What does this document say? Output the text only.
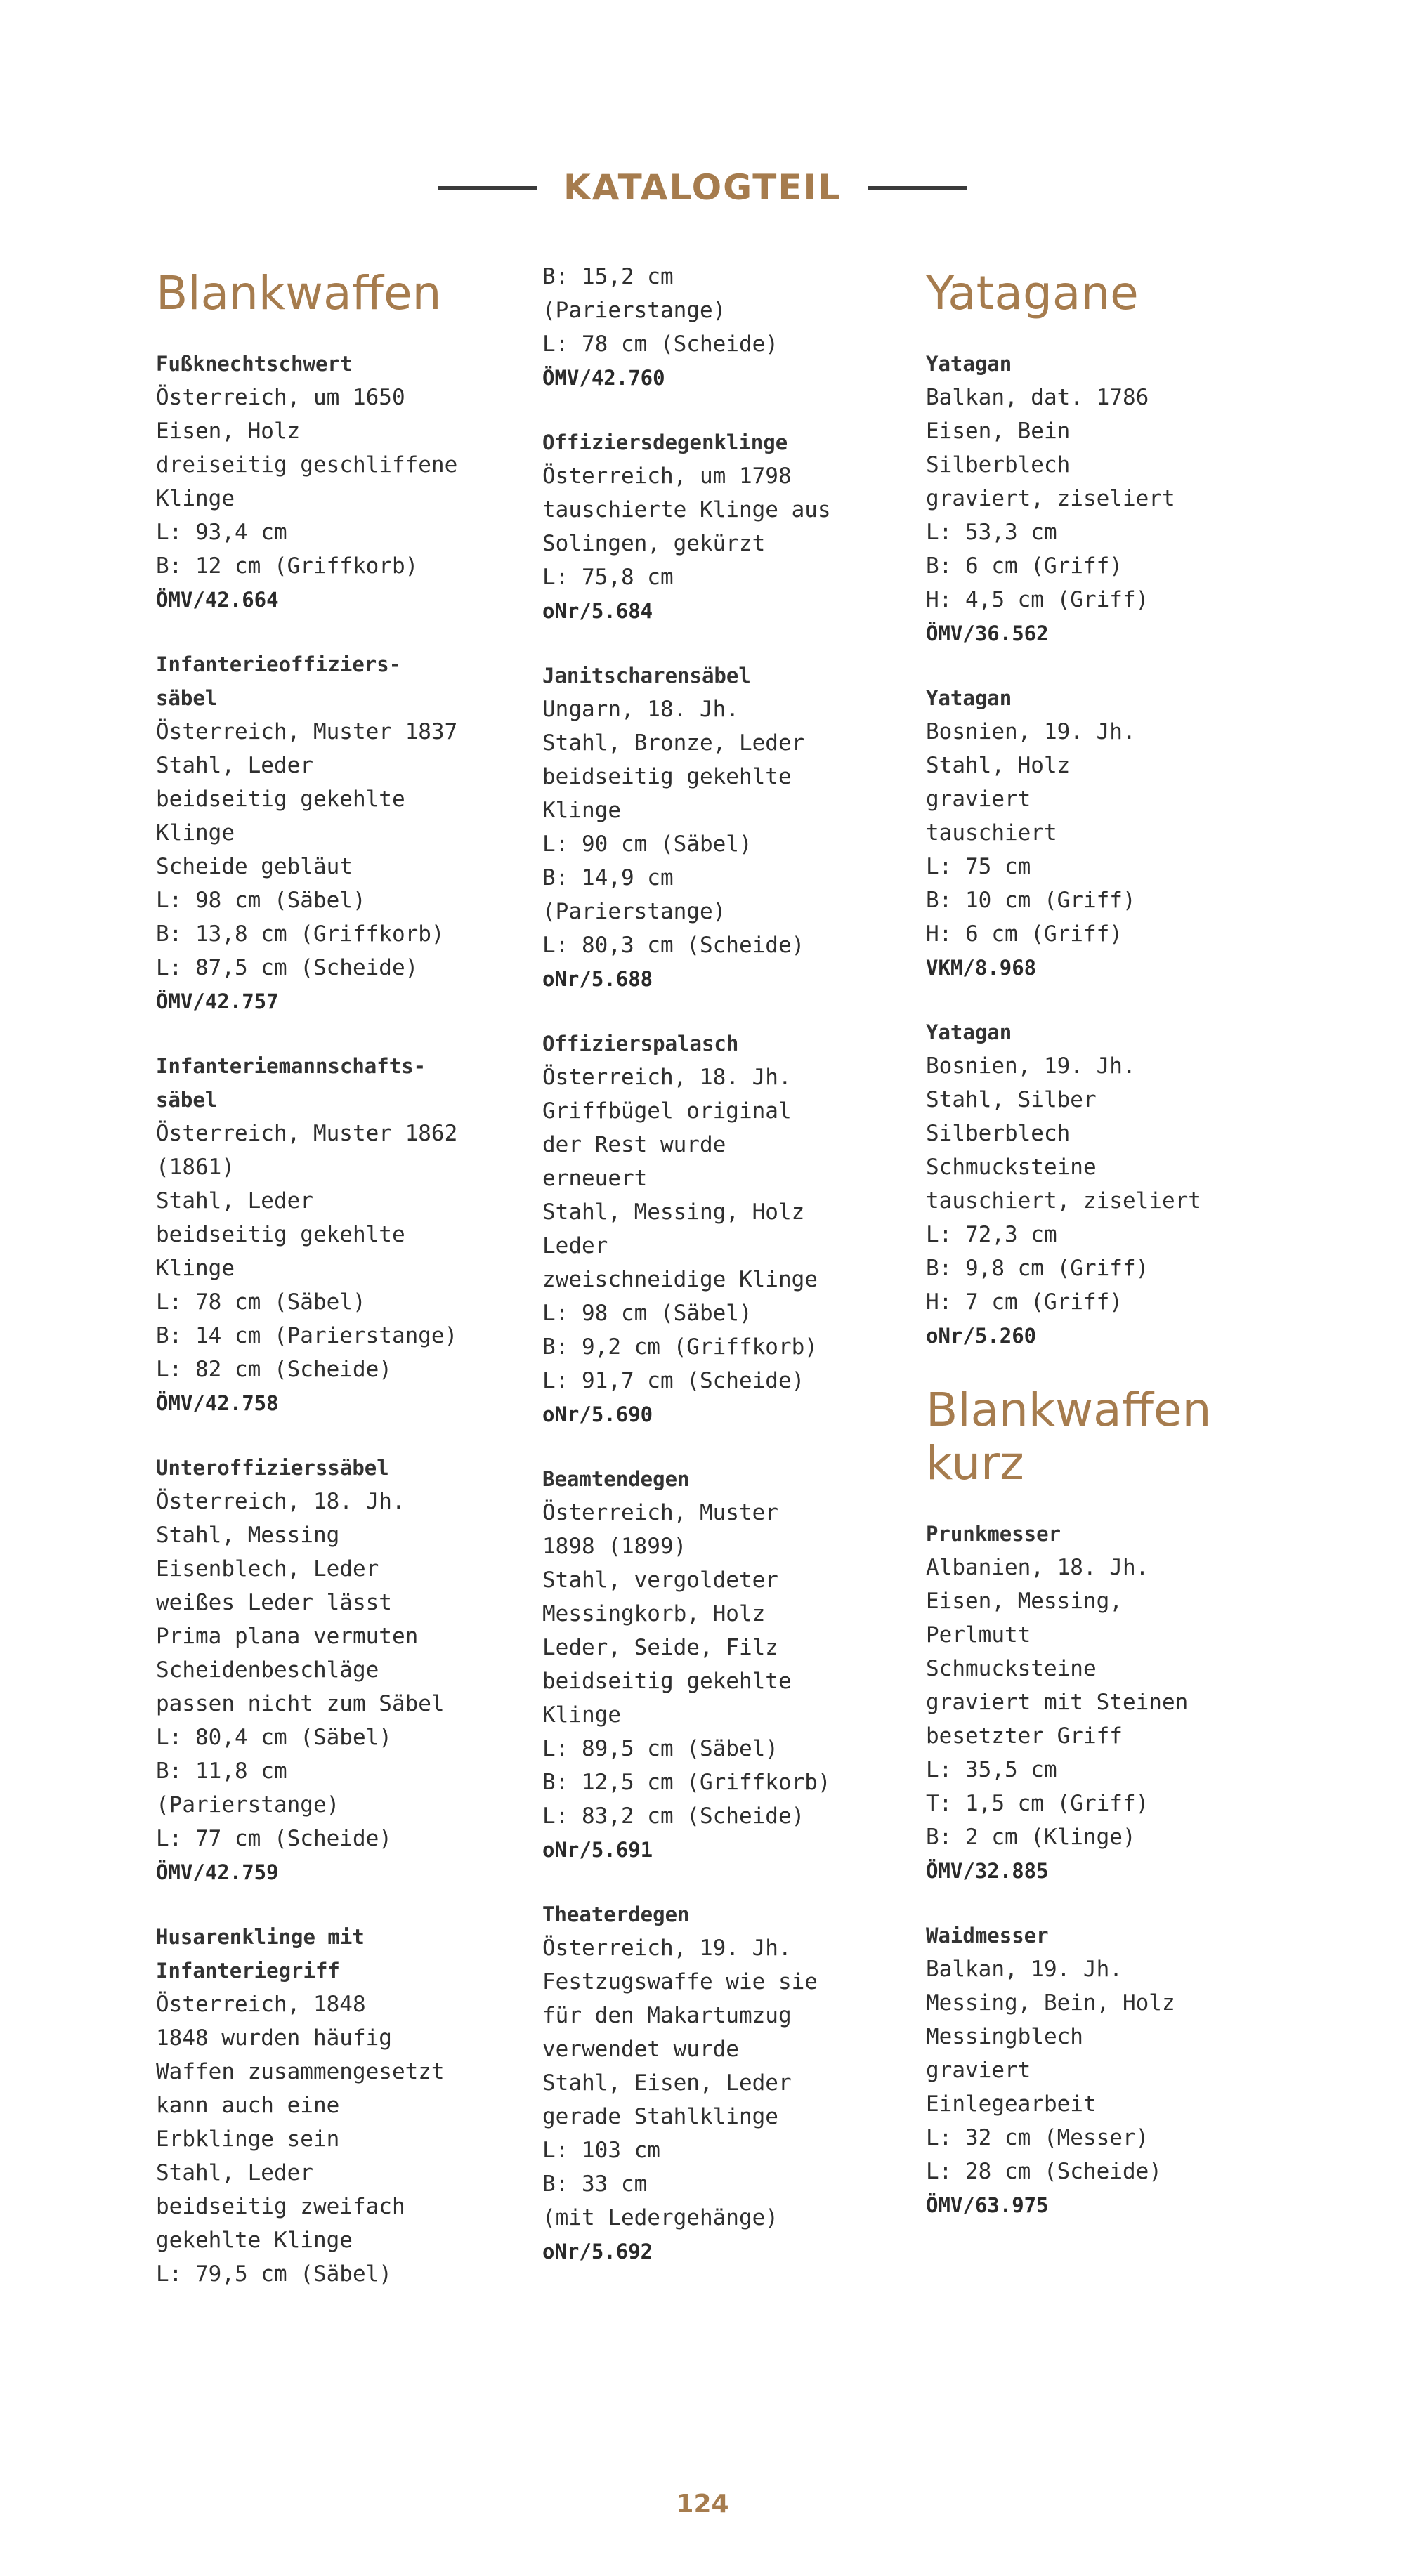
KATALOGTEIL
Blankwaffen
Fußknechtschwert
Österreich, um 1650
Eisen, Holz
dreiseitig geschliffene
Klinge
L: 93,4 cm
B: 12 cm (Griffkorb)
ÖMV/42.664
Infanterieoffiziers-
säbel
Österreich, Muster 1837
Stahl, Leder
beidseitig gekehlte
Klinge
Scheide gebläut
L: 98 cm (Säbel)
B: 13,8 cm (Griffkorb)
L: 87,5 cm (Scheide)
ÖMV/42.757
Infanteriemannschafts-
säbel
Österreich, Muster 1862
(1861)
Stahl, Leder
beidseitig gekehlte
Klinge
L: 78 cm (Säbel)
B: 14 cm (Parierstange)
L: 82 cm (Scheide)
ÖMV/42.758
Unteroffizierssäbel
Österreich, 18. Jh.
Stahl, Messing
Eisenblech, Leder
weißes Leder lässt
Prima plana vermuten
Scheidenbeschläge
passen nicht zum Säbel
L: 80,4 cm (Säbel)
B: 11,8 cm
(Parierstange)
L: 77 cm (Scheide)
ÖMV/42.759
Husarenklinge mit
Infanteriegriff
Österreich, 1848
1848 wurden häufig
Waffen zusammengesetzt
kann auch eine
Erbklinge sein
Stahl, Leder
beidseitig zweifach
gekehlte Klinge
L: 79,5 cm (Säbel)
B: 15,2 cm
(Parierstange)
L: 78 cm (Scheide)
ÖMV/42.760
Offiziersdegenklinge
Österreich, um 1798
tauschierte Klinge aus
Solingen, gekürzt
L: 75,8 cm
oNr/5.684
Janitscharensäbel
Ungarn, 18. Jh.
Stahl, Bronze, Leder
beidseitig gekehlte
Klinge
L: 90 cm (Säbel)
B: 14,9 cm
(Parierstange)
L: 80,3 cm (Scheide)
oNr/5.688
Offizierspalasch
Österreich, 18. Jh.
Griffbügel original
der Rest wurde
erneuert
Stahl, Messing, Holz
Leder
zweischneidige Klinge
L: 98 cm (Säbel)
B: 9,2 cm (Griffkorb)
L: 91,7 cm (Scheide)
oNr/5.690
Beamtendegen
Österreich, Muster
1898 (1899)
Stahl, vergoldeter
Messingkorb, Holz
Leder, Seide, Filz
beidseitig gekehlte
Klinge
L: 89,5 cm (Säbel)
B: 12,5 cm (Griffkorb)
L: 83,2 cm (Scheide)
oNr/5.691
Theaterdegen
Österreich, 19. Jh.
Festzugswaffe wie sie
für den Makartumzug
verwendet wurde
Stahl, Eisen, Leder
gerade Stahlklinge
L: 103 cm
B: 33 cm
(mit Ledergehänge)
oNr/5.692
Yatagane
Yatagan
Balkan, dat. 1786
Eisen, Bein
Silberblech
graviert, ziseliert
L: 53,3 cm
B: 6 cm (Griff)
H: 4,5 cm (Griff)
ÖMV/36.562
Yatagan
Bosnien, 19. Jh.
Stahl, Holz
graviert
tauschiert
L: 75 cm
B: 10 cm (Griff)
H: 6 cm (Griff)
VKM/8.968
Yatagan
Bosnien, 19. Jh.
Stahl, Silber
Silberblech
Schmucksteine
tauschiert, ziseliert
L: 72,3 cm
B: 9,8 cm (Griff)
H: 7 cm (Griff)
oNr/5.260
Blankwaffen
kurz
Prunkmesser
Albanien, 18. Jh.
Eisen, Messing,
Perlmutt
Schmucksteine
graviert mit Steinen
besetzter Griff
L: 35,5 cm
T: 1,5 cm (Griff)
B: 2 cm (Klinge)
ÖMV/32.885
Waidmesser
Balkan, 19. Jh.
Messing, Bein, Holz
Messingblech
graviert
Einlegearbeit
L: 32 cm (Messer)
L: 28 cm (Scheide)
ÖMV/63.975
124
